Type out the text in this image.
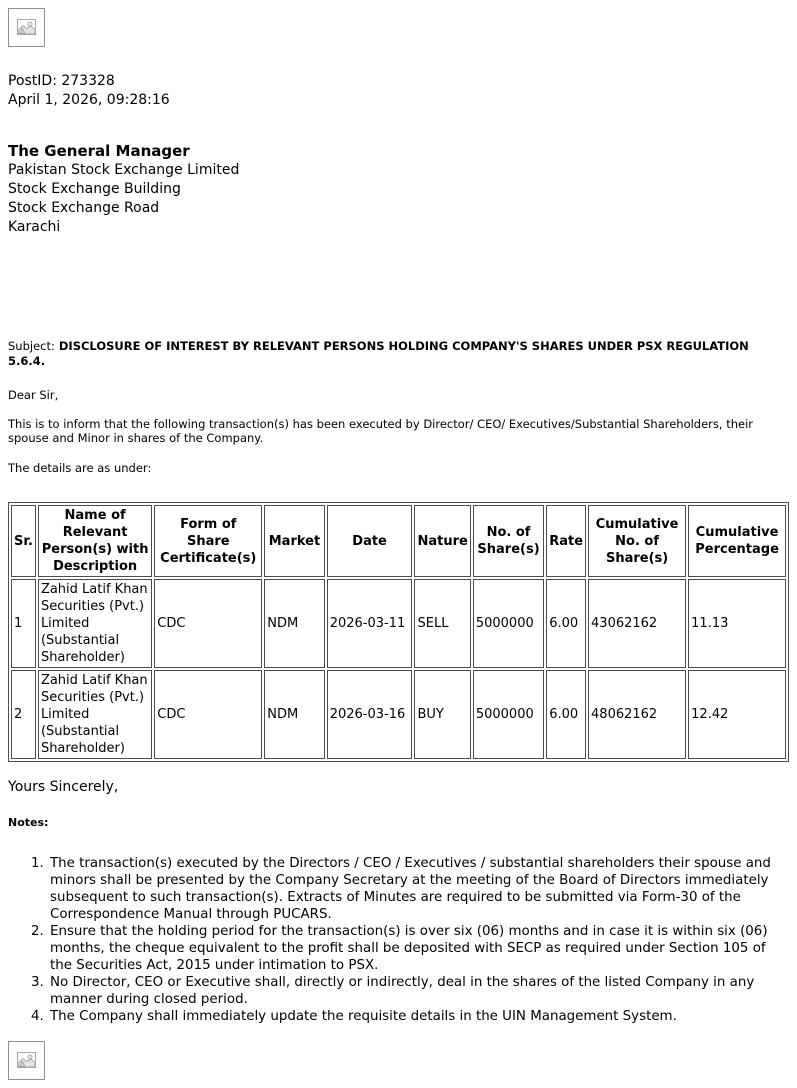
PostID: 273328
April 1, 2026, 09:28:16
The General Manager
Pakistan Stock Exchange Limited
Stock Exchange Building
Stock Exchange Road
Karachi
Subject: DISCLOSURE OF INTEREST BY RELEVANT PERSONS HOLDING COMPANY'S SHARES UNDER PSX REGULATION 5.6.4.
Dear Sir,
This is to inform that the following transaction(s) has been executed by Director/ CEO/ Executives/Substantial Shareholders, their spouse and Minor in shares of the Company.
The details are as under:
Sr.	Name of Relevant Person(s) with Description	Form of Share Certificate(s)	Market	Date	Nature	No. of Share(s)	Rate	Cumulative No. of Share(s)	Cumulative Percentage
1	Zahid Latif Khan Securities (Pvt.) Limited (Substantial Shareholder)	CDC	NDM	2026-03-11	SELL	5000000	6.00	43062162	11.13
2	Zahid Latif Khan Securities (Pvt.) Limited (Substantial Shareholder)	CDC	NDM	2026-03-16	BUY	5000000	6.00	48062162	12.42
Yours Sincerely,
Notes:
1. The transaction(s) executed by the Directors / CEO / Executives / substantial shareholders their spouse and minors shall be presented by the Company Secretary at the meeting of the Board of Directors immediately subsequent to such transaction(s). Extracts of Minutes are required to be submitted via Form-30 of the Correspondence Manual through PUCARS.
2. Ensure that the holding period for the transaction(s) is over six (06) months and in case it is within six (06) months, the cheque equivalent to the profit shall be deposited with SECP as required under Section 105 of the Securities Act, 2015 under intimation to PSX.
3. No Director, CEO or Executive shall, directly or indirectly, deal in the shares of the listed Company in any manner during closed period.
4. The Company shall immediately update the requisite details in the UIN Management System.
